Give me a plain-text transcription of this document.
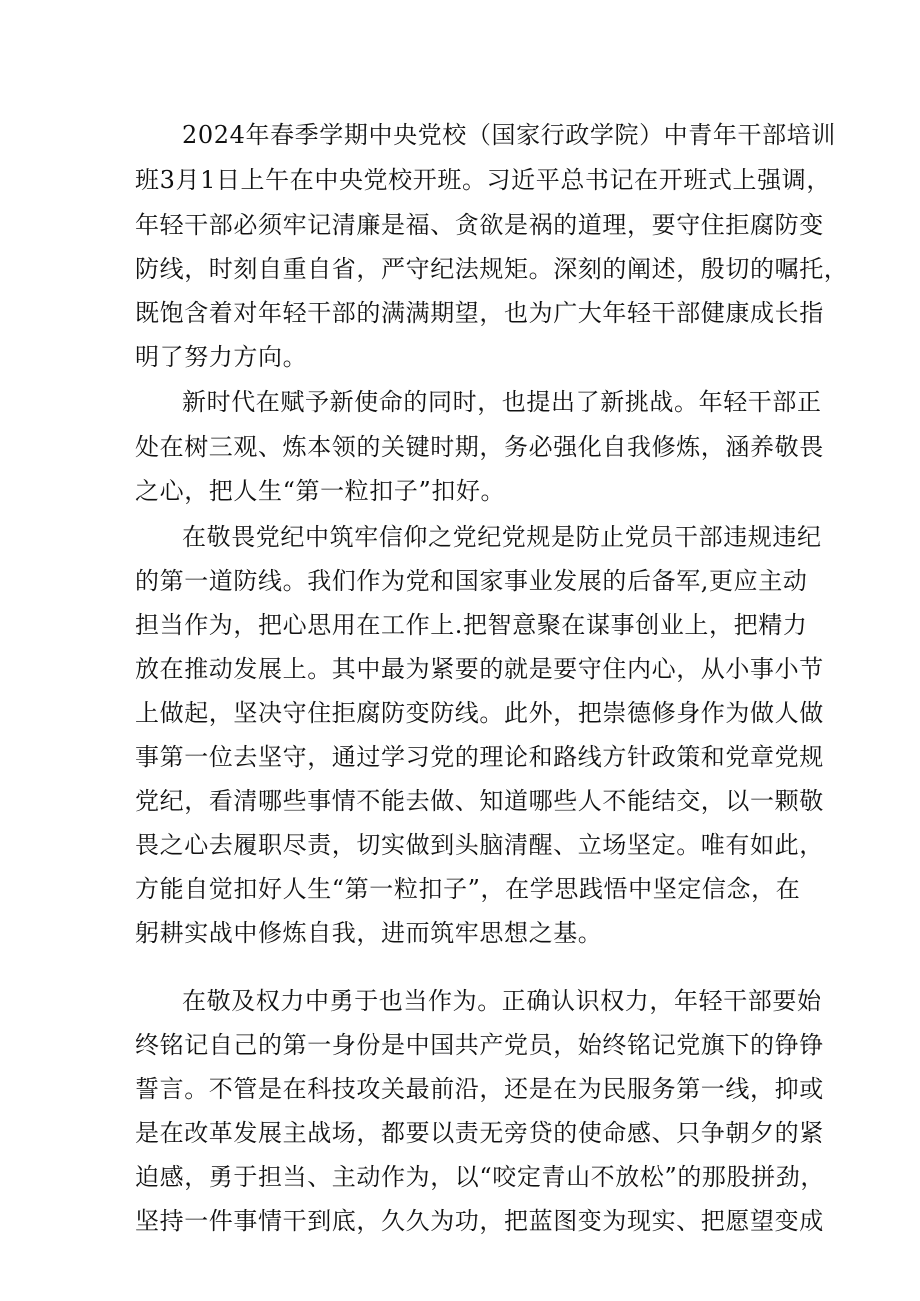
2024年春季学期中央党校（国家行政学院）中青年干部培训
班3月1日上午在中央党校开班。习近平总书记在开班式上强调，
年轻干部必须牢记清廉是福、贪欲是祸的道理，要守住拒腐防变
防线，时刻自重自省，严守纪法规矩。深刻的阐述，殷切的嘱托，
既饱含着对年轻干部的满满期望，也为广大年轻干部健康成长指
明了努力方向。
新时代在赋予新使命的同时，也提出了新挑战。年轻干部正
处在树三观、炼本领的关键时期，务必强化自我修炼，涵养敬畏
之心，把人生“第一粒扣子”扣好。
在敬畏党纪中筑牢信仰之党纪党规是防止党员干部违规违纪
的第一道防线。我们作为党和国家事业发展的后备军,更应主动
担当作为，把心思用在工作上.把智意聚在谋事创业上，把精力
放在推动发展上。其中最为紧要的就是要守住内心，从小事小节
上做起，坚决守住拒腐防变防线。此外，把崇德修身作为做人做
事第一位去坚守，通过学习党的理论和路线方针政策和党章党规
党纪，看清哪些事情不能去做、知道哪些人不能结交，以一颗敬
畏之心去履职尽责，切实做到头脑清醒、立场坚定。唯有如此，
方能自觉扣好人生“第一粒扣子”，在学思践悟中坚定信念，在
躬耕实战中修炼自我，进而筑牢思想之基。
在敬及权力中勇于也当作为。正确认识权力，年轻干部要始
终铭记自己的第一身份是中国共产党员，始终铭记党旗下的铮铮
誓言。不管是在科技攻关最前沿，还是在为民服务第一线，抑或
是在改革发展主战场，都要以责无旁贷的使命感、只争朝夕的紧
迫感，勇于担当、主动作为，以“咬定青山不放松”的那股拼劲，
坚持一件事情干到底，久久为功，把蓝图变为现实、把愿望变成
